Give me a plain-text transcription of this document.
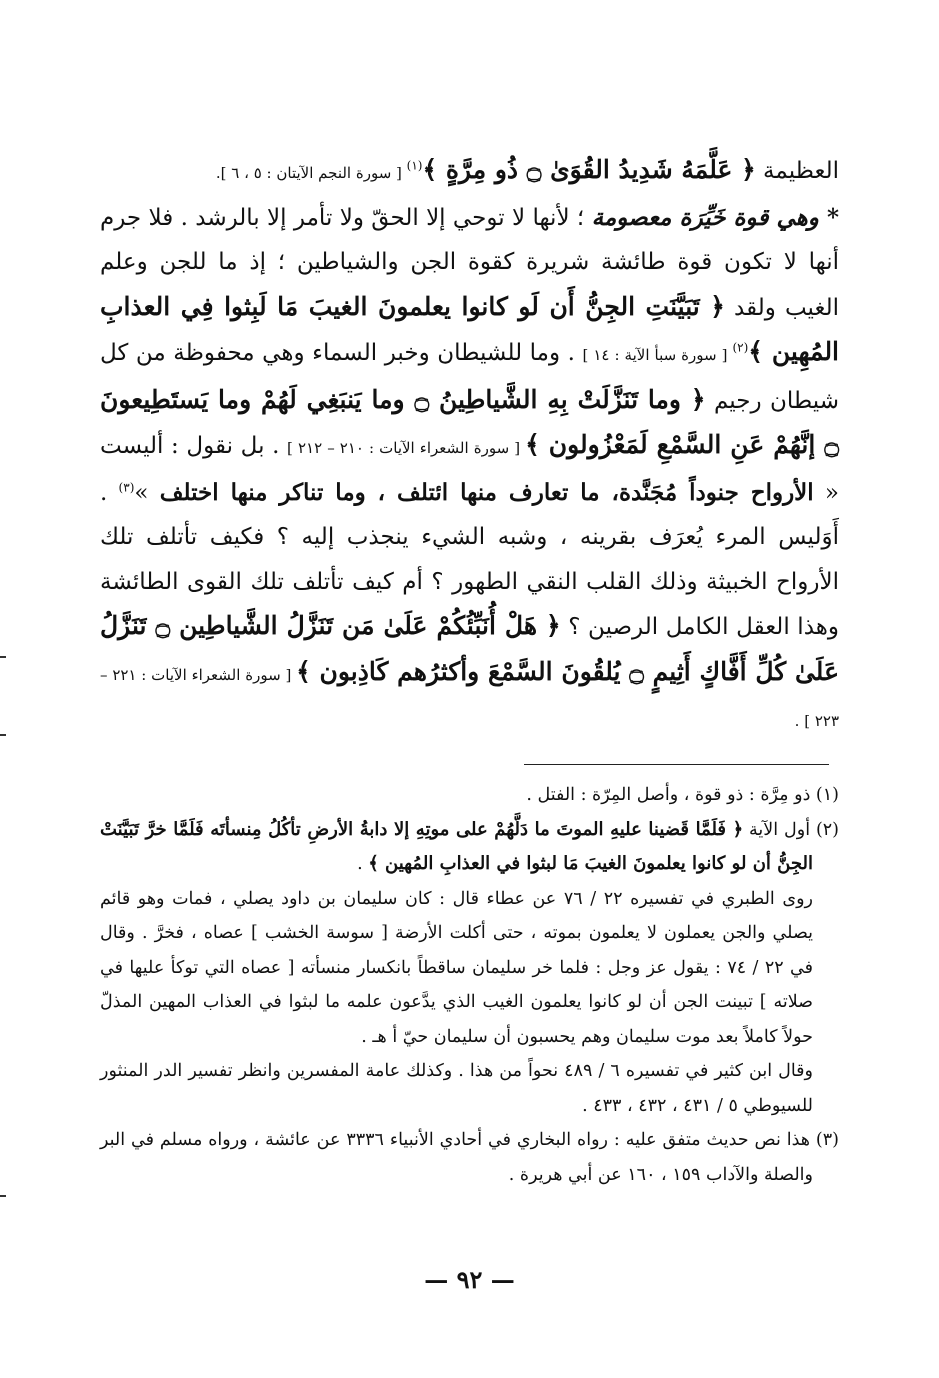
العظيمة ﴿ عَلَّمَهُ شَدِيدُ القُوَىٰ ۝ ذُو مِرَّةٍ ﴾$^{(١)}$ [ سورة النجم الآيتان : ٥ ، ٦ ].

* وهي قوة خَيِّرَة معصومة ؛ لأنها لا توحي إلا الحقّ ولا تأمر إلا بالرشد . فلا جرم أنها لا تكون قوة طائشة شريرة كقوة الجن والشياطين ؛ إذ ما للجن وعلم الغيب ولقد ﴿ تَبَيَّنَتِ الجِنُّ أَن لَو كانوا يعلمونَ الغيبَ مَا لَبِثوا فِي العذابِ المُهِين ﴾$^{(٢)}$ [ سورة سبأ الآية : ١٤ ] . وما للشيطان وخبر السماء وهي محفوظة من كل شيطان رجيم ﴿ وما تَنَزَّلَتْ بِهِ الشَّياطِينُ ۝ وما يَنبَغِي لَهُمْ وما يَستَطِيعونَ ۝ إنَّهُمْ عَنِ السَّمْعِ لَمَعْزُولون ﴾ [ سورة الشعراء الآيات : ٢١٠ – ٢١٢ ] . بل نقول : أليست « الأرواح جنوداً مُجَنَّدة، ما تعارف منها ائتلف ، وما تناكر منها اختلف »$^{(٣)}$ . أَوَليس المرء يُعرَف بقرينه ، وشبه الشيء ينجذب إليه ؟ فكيف تأتلف تلك الأرواح الخبيثة وذلك القلب النقي الطهور ؟ أم كيف تأتلف تلك القوى الطائشة وهذا العقل الكامل الرصين ؟ ﴿ هَلْ أُنَبِّئُكُمْ عَلَىٰ مَن تَنَزَّلُ الشَّياطِين ۝ تَنَزَّلُ عَلَىٰ كُلِّ أَفَّاكٍ أَثِيمٍ ۝ يُلقُونَ السَّمْعَ وأكثرُهم كَاذِبون ﴾ [ سورة الشعراء الآيات : ٢٢١ – ٢٢٣ ] .

(١) ذو مِرَّة : ذو قوة ، وأصل المِرّة : الفتل .

(٢) أول الآية ﴿ فَلَمَّا قَضينا عليهِ الموتَ ما دَلَّهُمْ على موتِهِ إلا دابةُ الأرضِ تأكُلُ مِنسأتَه فَلَمَّا خرَّ تَبَيَّنَتْ الجِنُّ أن لو كانوا يعلمونَ الغيبَ مَا لبثوا في العذابِ المُهين ﴾ .

روى الطبري في تفسيره ٢٢ / ٧٦ عن عطاء قال : كان سليمان بن داود يصلي ، فمات وهو قائم يصلي والجن يعملون لا يعلمون بموته ، حتى أكلت الأرضة [ سوسة الخشب ] عصاه ، فخرَّ . وقال في ٢٢ / ٧٤ : يقول عز وجل : فلما خر سليمان ساقطاً بانكسار منسأته [ عصاه التي توكأ عليها في صلاته ] تبينت الجن أن لو كانوا يعلمون الغيب الذي يدَّعون علمه ما لبثوا في العذاب المهين المذلّ حولاً كاملاً بعد موت سليمان وهم يحسبون أن سليمان حيّ أ هـ .

وقال ابن كثير في تفسيره ٦ / ٤٨٩ نحواً من هذا . وكذلك عامة المفسرين وانظر تفسير الدر المنثور للسيوطي ٥ / ٤٣١ ، ٤٣٢ ، ٤٣٣ .

(٣) هذا نص حديث متفق عليه : رواه البخاري في أحادي الأنبياء ٣٣٣٦ عن عائشة ، ورواه مسلم في البر والصلة والآداب ١٥٩ ، ١٦٠ عن أبي هريرة .

— ٩٢ —
